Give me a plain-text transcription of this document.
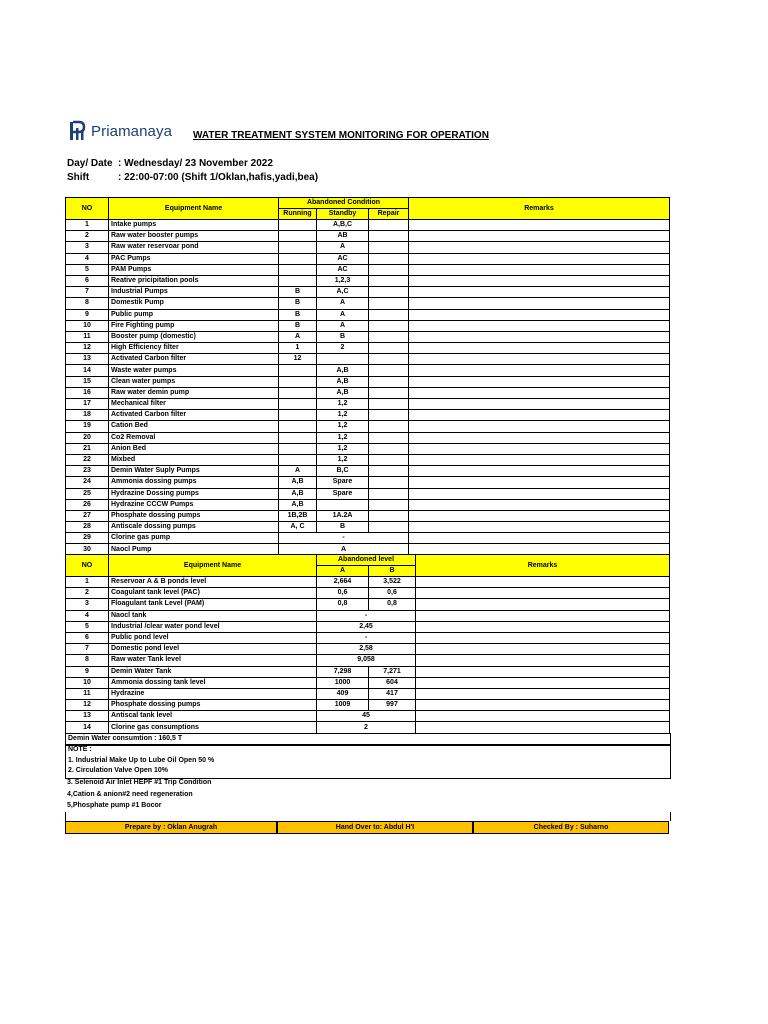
Priamanaya WATER TREATMENT SYSTEM MONITORING FOR OPERATION
Day/ Date : Wednesday/ 23 November 2022
Shift	: 22:00-07:00 (Shift 1/Oklan,hafis,yadi,bea)
NO	Equipment Name	Abandoned Condition			Remarks
		Running	Standby	Repair	
1	Intake pumps		A,B,C		
2	Raw water booster pumps		AB		
3	Raw water reservoar pond		A		
4	PAC Pumps		AC		
5	PAM Pumps		AC		
6	Reative pricipitation pools		1,2,3		
7	Industrial Pumps	B	A,C		
8	Domestik Pump	B	A		
9	Public pump	B	A		
10	Fire Fighting pump	B	A		
11	Booster pump (domestic)	A	B		
12	High Efficiency filter	1	2		
13	Activated Carbon filter	12			
14	Waste water pumps		A,B		
15	Clean water pumps		A,B		
16	Raw water demin pump		A,B		
17	Mechanical filter		1,2		
18	Activated Carbon filter		1,2		
19	Cation Bed		1,2		
20	Co2 Removal		1,2		
21	Anion Bed		1,2		
22	Mixbed		1,2		
23	Demin Water Suply Pumps	A	B,C		
24	Ammonia dossing pumps	A,B	Spare		
25	Hydrazine Dossing pumps	A,B	Spare		
26	Hydrazine CCCW Pumps	A,B			
27	Phosphate dossing pumps	1B,2B	1A.2A		
28	Antiscale dossing pumps	A, C	B		
29	Clorine gas pump	-			
30	Naocl Pump	A			
NO	Equipment Name	Abandoned level		Remarks
		A	B	
1	Reservoar A & B ponds level	2,664	3,522	
2	Coagulant tank level (PAC)	0,6	0,6	
3	Floagulant tank Level (PAM)	0,8	0,8	
4	Naocl tank	-		
5	Industrial /clear water pond level	2,45		
6	Public pond level	-		
7	Domestic pond level	2,58		
8	Raw water Tank level	9,058		
9	Demin Water Tank	7,298	7,271	
10	Ammonia dossing tank level	1000	604	
11	Hydrazine	409	417	
12	Phosphate dossing pumps	1009	997	
13	Antiscal tank level	45		
14	Clorine gas consumptions	2		
Demin Water consumtion : 160,5 T
NOTE :
1. Industrial Make Up to Lube Oil Open 50 %
2. Circulation Valve Open 10%
3. Selenoid Air Inlet HEPF #1 Trip Condition
4,Cation & anion#2 need regeneration
5,Phosphate pump #1 Bocor
Prepare by : Oklan Anugrah	Hand Over to: Abdul H'I	Checked By : Suharno
